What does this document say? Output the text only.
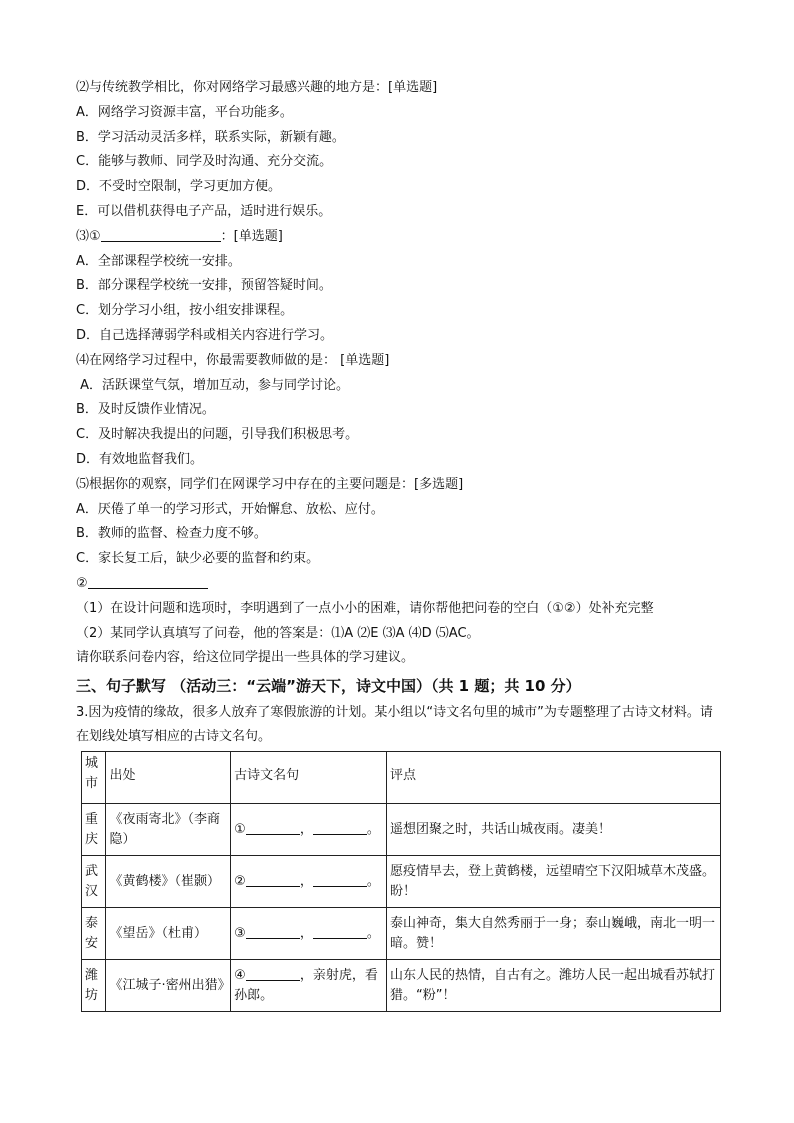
⑵与传统教学相比，你对网络学习最感兴趣的地方是：[单选题]
A．网络学习资源丰富，平台功能多。
B．学习活动灵活多样，联系实际，新颖有趣。
C．能够与教师、同学及时沟通、充分交流。
D．不受时空限制，学习更加方便。
E．可以借机获得电子产品，适时进行娱乐。
⑶①	：[单选题]
A．全部课程学校统一安排。
B．部分课程学校统一安排，预留答疑时间。
C．划分学习小组，按小组安排课程。
D．自己选择薄弱学科或相关内容进行学习。
⑷在网络学习过程中，你最需要教师做的是： [单选题]
A．活跃课堂气氛，增加互动，参与同学讨论。
B．及时反馈作业情况。
C．及时解决我提出的问题，引导我们积极思考。
D．有效地监督我们。
⑸根据你的观察，同学们在网课学习中存在的主要问题是：[多选题]
A．厌倦了单一的学习形式，开始懈怠、放松、应付。
B．教师的监督、检查力度不够。
C．家长复工后，缺少必要的监督和约束。
②
（1）在设计问题和选项时，李明遇到了一点小小的困难，请你帮他把问卷的空白（①②）处补充完整
（2）某同学认真填写了问卷，他的答案是：⑴A ⑵E ⑶A ⑷D ⑸AC。
请你联系问卷内容，给这位同学提出一些具体的学习建议。
三、句子默写 （活动三：“云端”游天下，诗文中国）（共 1 题；共 10 分）
3.因为疫情的缘故，很多人放弃了寒假旅游的计划。某小组以“诗文名句里的城市”为专题整理了古诗文材料。请在划线处填写相应的古诗文名句。
城市	出处	古诗文名句	评点
重庆	《夜雨寄北》（李商隐）	① ， 。	遥想团聚之时，共话山城夜雨。凄美！
武汉	《黄鹤楼》（崔颢）	② ， 。	愿疫情早去，登上黄鹤楼，远望晴空下汉阳城草木茂盛。盼！
泰安	《望岳》（杜甫）	③ ， 。	泰山神奇，集大自然秀丽于一身；泰山巍峨，南北一明一暗。赞！
潍坊	《江城子·密州出猎》	④ ，亲射虎，看孙郎。	山东人民的热情，自古有之。潍坊人民一起出城看苏轼打猎。“粉”！
